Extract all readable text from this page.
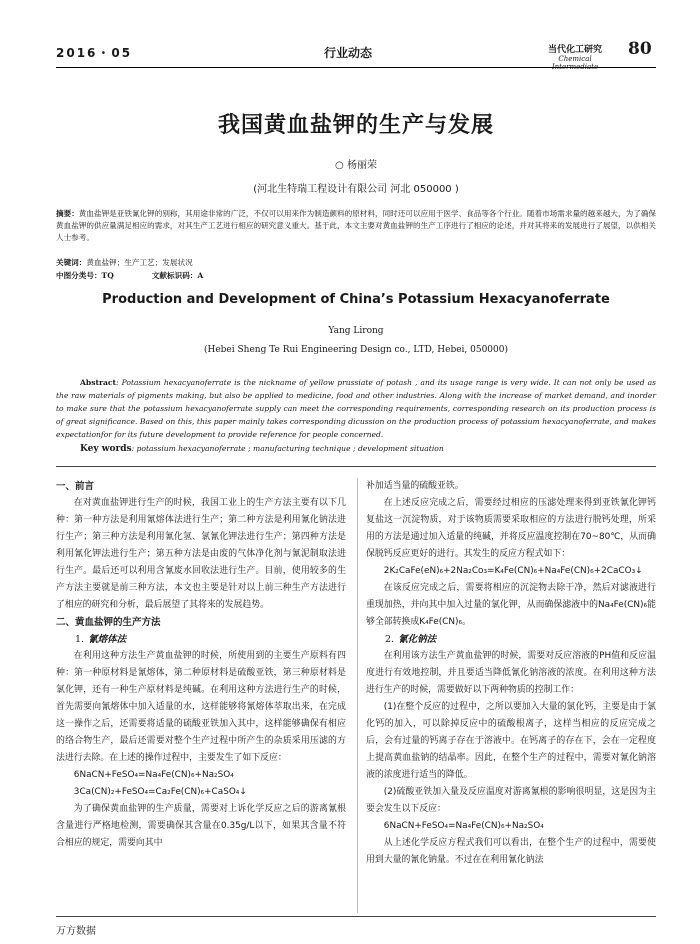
2016・05	行业动态	当代化工研究
Chemical Intermediate
80
我国黄血盐钾的生产与发展
○ 杨丽荣
(河北生特瑞工程设计有限公司 河北 050000 )
摘要：黄血盐钾是亚铁氰化钾的别称，其用途非常的广泛，不仅可以用来作为制造颜料的原材料，同时还可以应用于医学、食品等各个行业。随着市场需求量的越来越大，为了确保黄血盐钾的供应量满足相应的需求，对其生产工艺进行相应的研究意义重大。基于此，本文主要对黄血盐钾的生产工序进行了相应的论述，并对其将来的发展进行了展望，以供相关人士参考。
关键词：黄血盐钾；生产工艺；发展状况
中图分类号：TQ	文献标识码：A
Production and Development of China’s Potassium Hexacyanoferrate
Yang Lirong
(Hebei Sheng Te Rui Engineering Design co., LTD, Hebei, 050000)
Abstract: Potassium hexacyanoferrate is the nickname of yellow prussiate of potash , and its usage range is very wide. It can not only be used as the raw materials of pigments making, but also be applied to medicine, food and other industries. Along with the increase of market demand, and inorder to make sure that the potassium hexacyanoferrate supply can meet the corresponding requirements, corresponding research on its production process is of great significance. Based on this, this paper mainly takes corresponding dicussion on the production process of potassium hexacyanoferrate, and makes expectationfor for its future development to provide reference for people concerned.
Key words: potassium hexacyanoferrate ; manufacturing technique ; development situation
一、前言

在对黄血盐钾进行生产的时候，我国工业上的生产方法主要有以下几种：第一种方法是利用氰熔体法进行生产；第二种方法是利用氰化钠法进行生产；第三种方法是利用氰化氢、氯氰化钾法进行生产；第四种方法是利用氰化钾法进行生产；第五种方法是由废的气体净化剂与氰泥制取法进行生产。最后还可以利用含氰废水回收法进行生产。目前，使用较多的生产方法主要就是前三种方法，本文也主要是针对以上前三种生产方法进行了相应的研究和分析，最后展望了其将来的发展趋势。

二、黄血盐钾的生产方法
1. 氰熔体法

在利用这种方法生产黄血盐钾的时候，所使用到的主要生产原料有四种：第一种原材料是氰熔体，第二种原材料是硫酸亚铁，第三种原材料是氯化钾，还有一种生产原材料是纯碱。在利用这种方法进行生产的时候，首先需要向氰熔体中加入适量的水，这样能够将氰熔体萃取出来，在完成这一操作之后，还需要将适量的硫酸亚铁加入其中，这样能够确保有相应的络合物生产，最后还需要对整个生产过程中所产生的杂质采用压滤的方法进行去除。在上述的操作过程中，主要发生了如下反应：

6NaCN+FeSO₄=Na₄Fe(CN)₆+Na₂SO₄
3Ca(CN)₂+FeSO₄=Ca₂Fe(CN)₆+CaSO₄↓

为了确保黄血盐钾的生产质量，需要对上诉化学反应之后的游离氰根含量进行严格地检测，需要确保其含量在0.35g/L以下，如果其含量不符合相应的规定，需要向其中

补加适当量的硫酸亚铁。

在上述反应完成之后，需要经过相应的压滤处理来得到亚铁氰化钾钙复盐这一沉淀物质，对于该物质需要采取相应的方法进行脱钙处理，所采用的方法是通过加入适量的纯碱，并将反应温度控制在70~80℃，从而确保脱钙反应更好的进行。其发生的反应方程式如下：

2K₂CaFe(eN)₆+2Na₂Co₃=K₄Fe(CN)₆+Na₄Fe(CN)₆+2CaCO₃↓

在该反应完成之后，需要将相应的沉淀物去除干净，然后对滤液进行重现加热，并向其中加入过量的氯化钾，从而确保滤液中的Na₄Fe(CN)₆能够全部转换成K₄Fe(CN)₆。

2. 氰化钠法

在利用该方法生产黄血盐钾的时候，需要对反应溶液的PH值和反应温度进行有效地控制，并且要适当降低氰化钠溶液的浓度。在利用这种方法进行生产的时候，需要做好以下两种物质的控制工作：

(1)在整个反应的过程中，之所以要加入大量的氯化钙，主要是由于氯化钙的加入，可以除掉反应中的硫酸根离子，这样当相应的反应完成之后，会有过量的钙离子存在于溶液中。在钙离子的存在下，会在一定程度上提高黄血盐钠的结晶率。因此，在整个生产的过程中，需要对氰化钠溶液的浓度进行适当的降低。

(2)硫酸亚铁加入量及反应温度对游离氰根的影响很明显，这是因为主要会发生以下反应：

6NaCN+FeSO₄=Na₄Fe(CN)₆+Na₂SO₄

从上述化学反应方程式我们可以看出，在整个生产的过程中，需要使用到大量的氰化钠量。不过在在利用氰化钠法

万方数据
